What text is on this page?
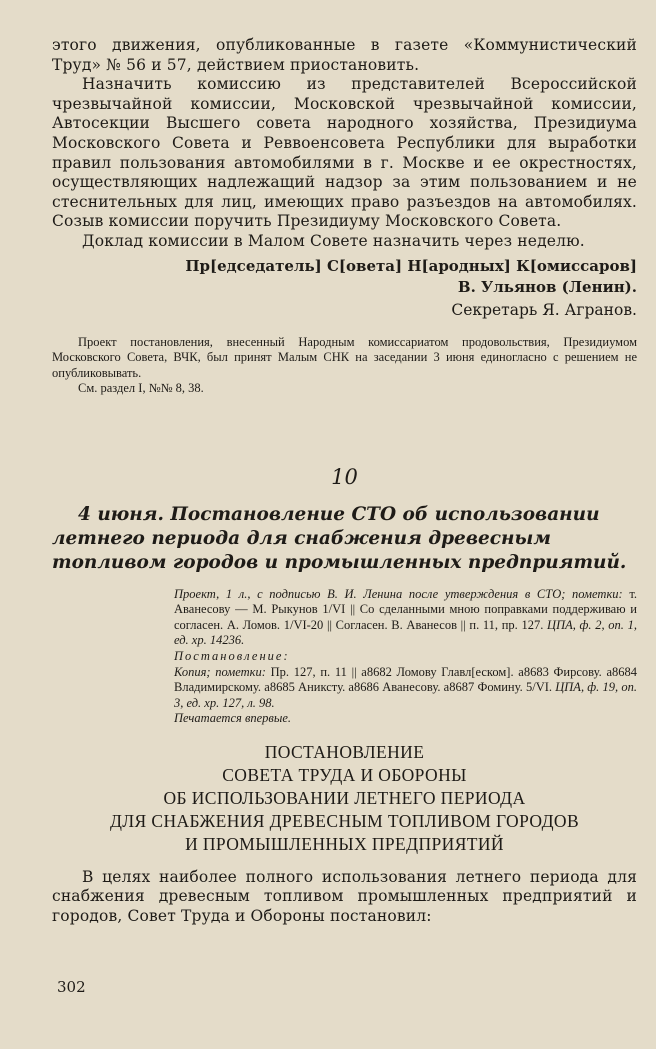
этого движения, опубликованные в газете «Коммунистический Труд» № 56 и 57, действием приостановить.

Назначить комиссию из представителей Всероссийской чрезвычайной комиссии, Московской чрезвычайной комиссии, Автосекции Высшего совета народного хозяйства, Президиума Московского Совета и Реввоенсовета Республики для выработки правил пользования автомобилями в г. Москве и ее окрестностях, осуществляющих надлежащий надзор за этим пользованием и не стеснительных для лиц, имеющих право разъездов на автомобилях. Созыв комиссии поручить Президиуму Московского Совета.

Доклад комиссии в Малом Совете назначить через неделю.

Пр[едседатель] С[овета] Н[ародных] К[омиссаров]
В. Ульянов (Ленин).
Секретарь Я. Агранов.

Проект постановления, внесенный Народным комиссариатом продовольствия, Президиумом Московского Совета, ВЧК, был принят Малым СНК на заседании 3 июня единогласно с решением не опубликовывать.

См. раздел I, №№ 8, 38.

10
4 июня. Постановление СТО об использовании летнего периода для снабжения древесным топливом городов и промышленных предприятий.

Проект, 1 л., с подписью В. И. Ленина после утверждения в СТО; пометки: т. Аванесову — М. Рыкунов 1/VI || Со сделанными мною поправками поддерживаю и согласен. А. Ломов. 1/VI-20 || Согласен. В. Аванесов || п. 11, пр. 127. ЦПА, ф. 2, оп. 1, ед. хр. 14236.

Постановление:

Копия; пометки: Пр. 127, п. 11 || а8682 Ломову Главл[еском]. а8683 Фирсову. а8684 Владимирскому. а8685 Аниксту. а8686 Аванесову. а8687 Фомину. 5/VI. ЦПА, ф. 19, оп. 3, ед. хр. 127, л. 98.

Печатается впервые.

ПОСТАНОВЛЕНИЕ
СОВЕТА ТРУДА И ОБОРОНЫ
ОБ ИСПОЛЬЗОВАНИИ ЛЕТНЕГО ПЕРИОДА
ДЛЯ СНАБЖЕНИЯ ДРЕВЕСНЫМ ТОПЛИВОМ ГОРОДОВ
И ПРОМЫШЛЕННЫХ ПРЕДПРИЯТИЙ

В целях наиболее полного использования летнего периода для снабжения древесным топливом промышленных предприятий и городов, Совет Труда и Обороны постановил:

302
